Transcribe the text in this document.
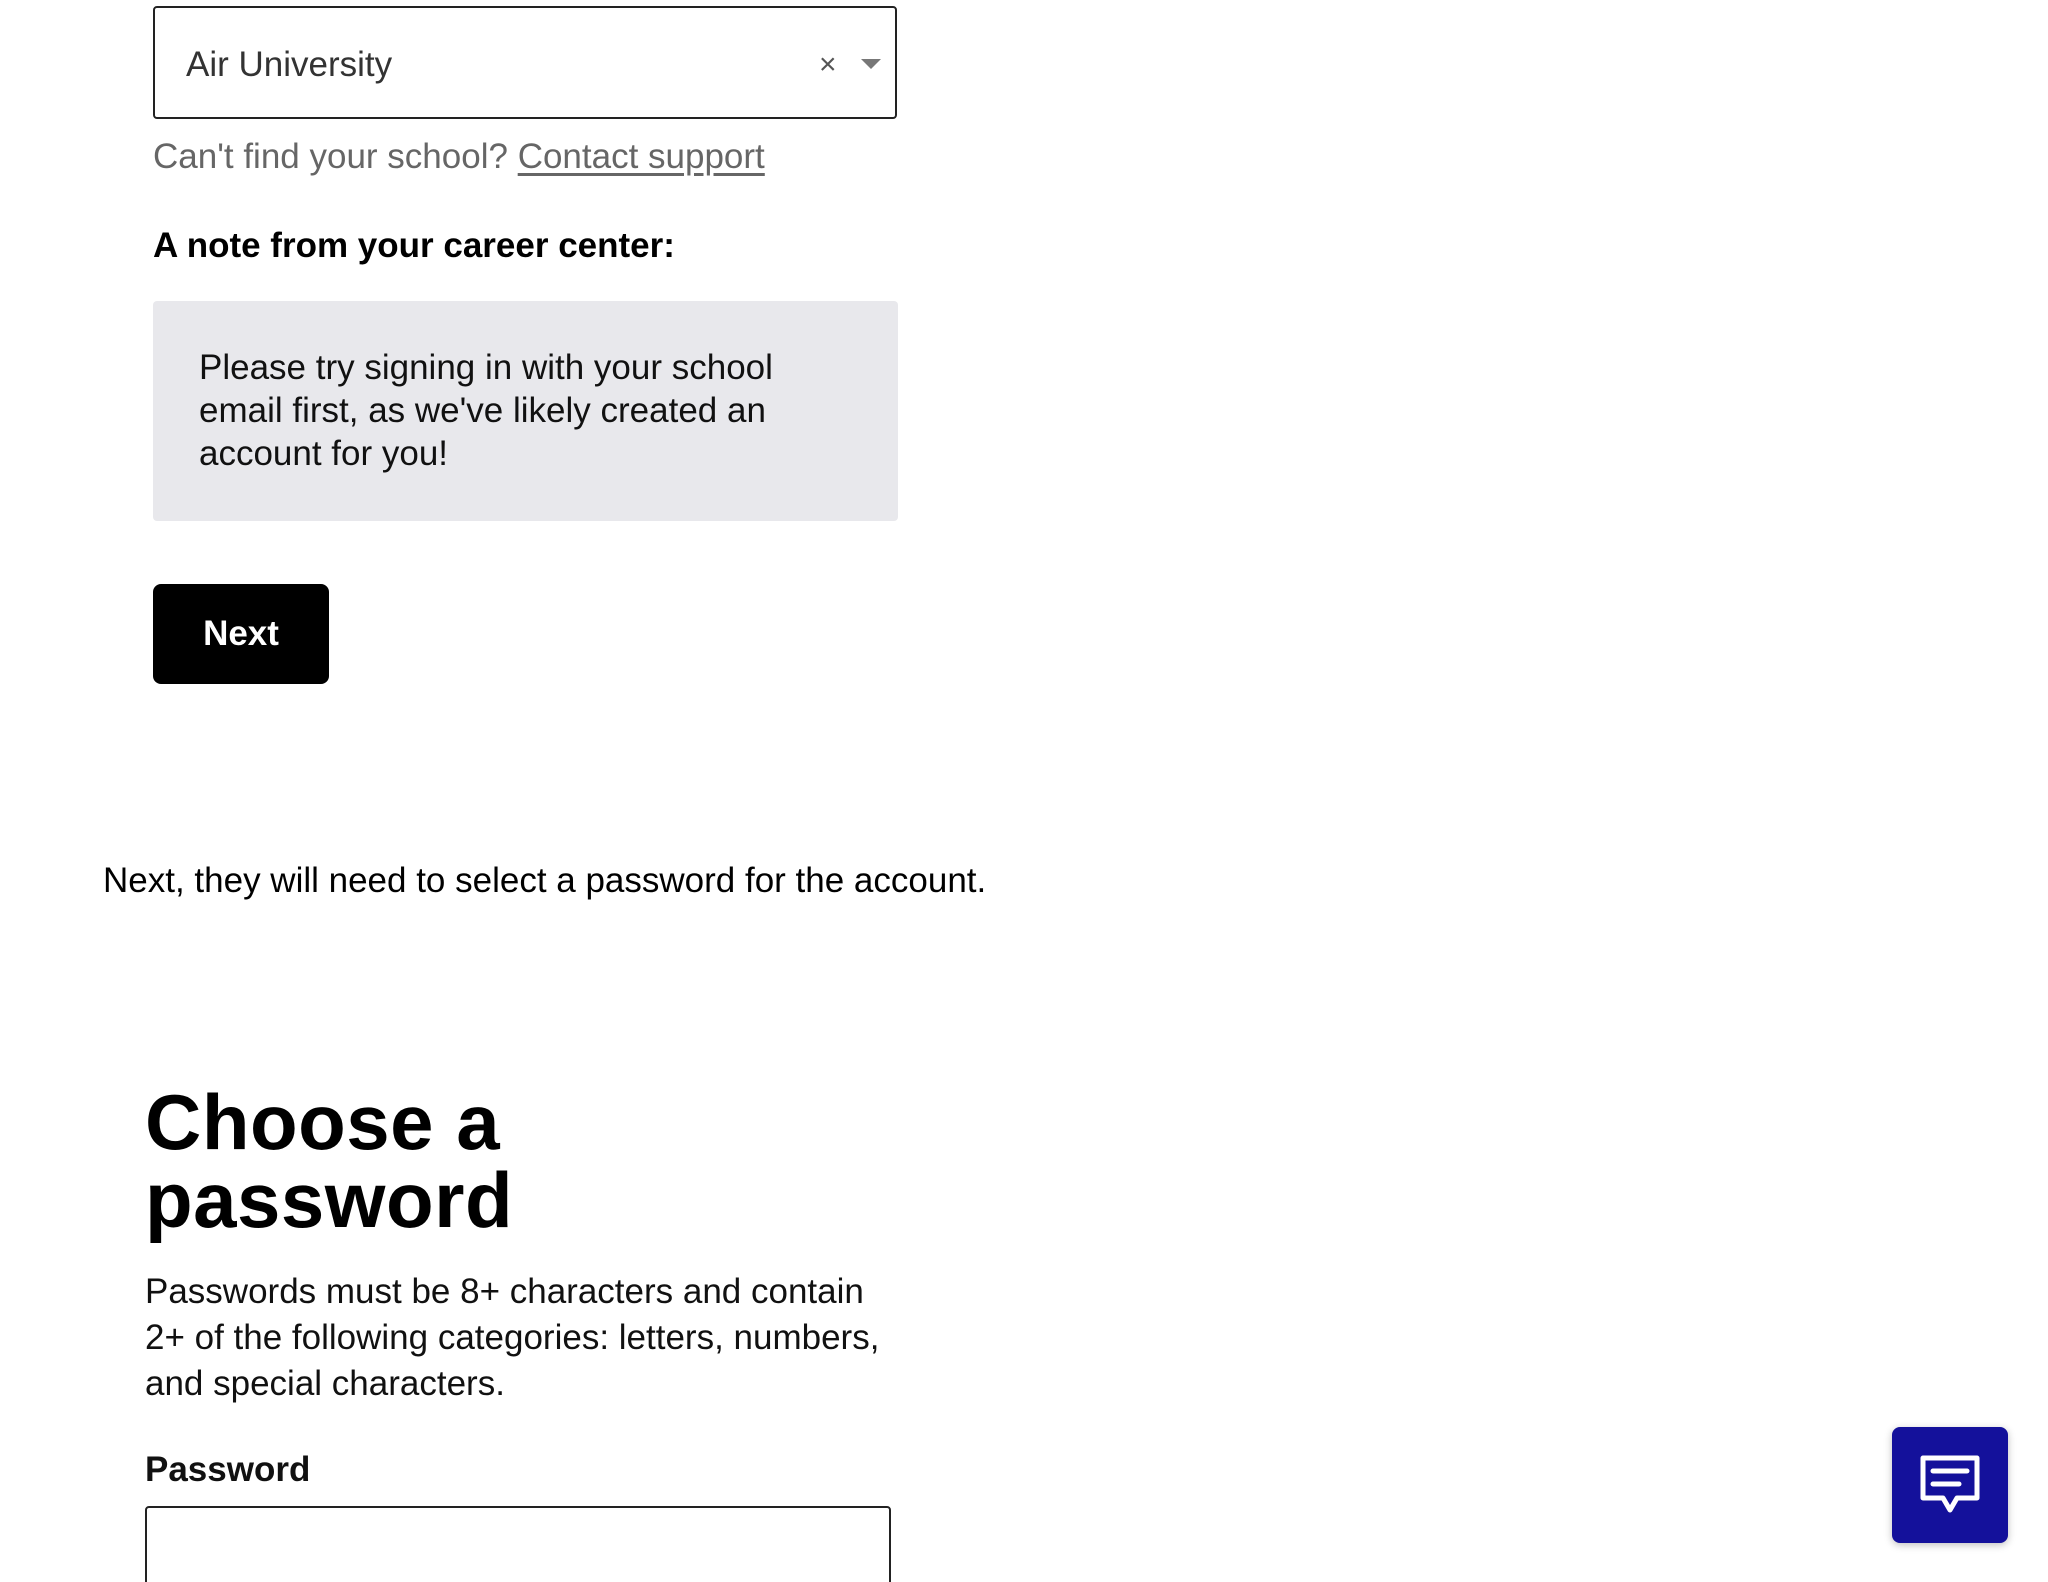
Air University	×
Can't find your school? Contact support
A note from your career center:
Please try signing in with your school email first, as we've likely created an account for you!
Next
Next, they will need to select a password for the account.
Choose a password
Passwords must be 8+ characters and contain 2+ of the following categories: letters, numbers, and special characters.
Password
